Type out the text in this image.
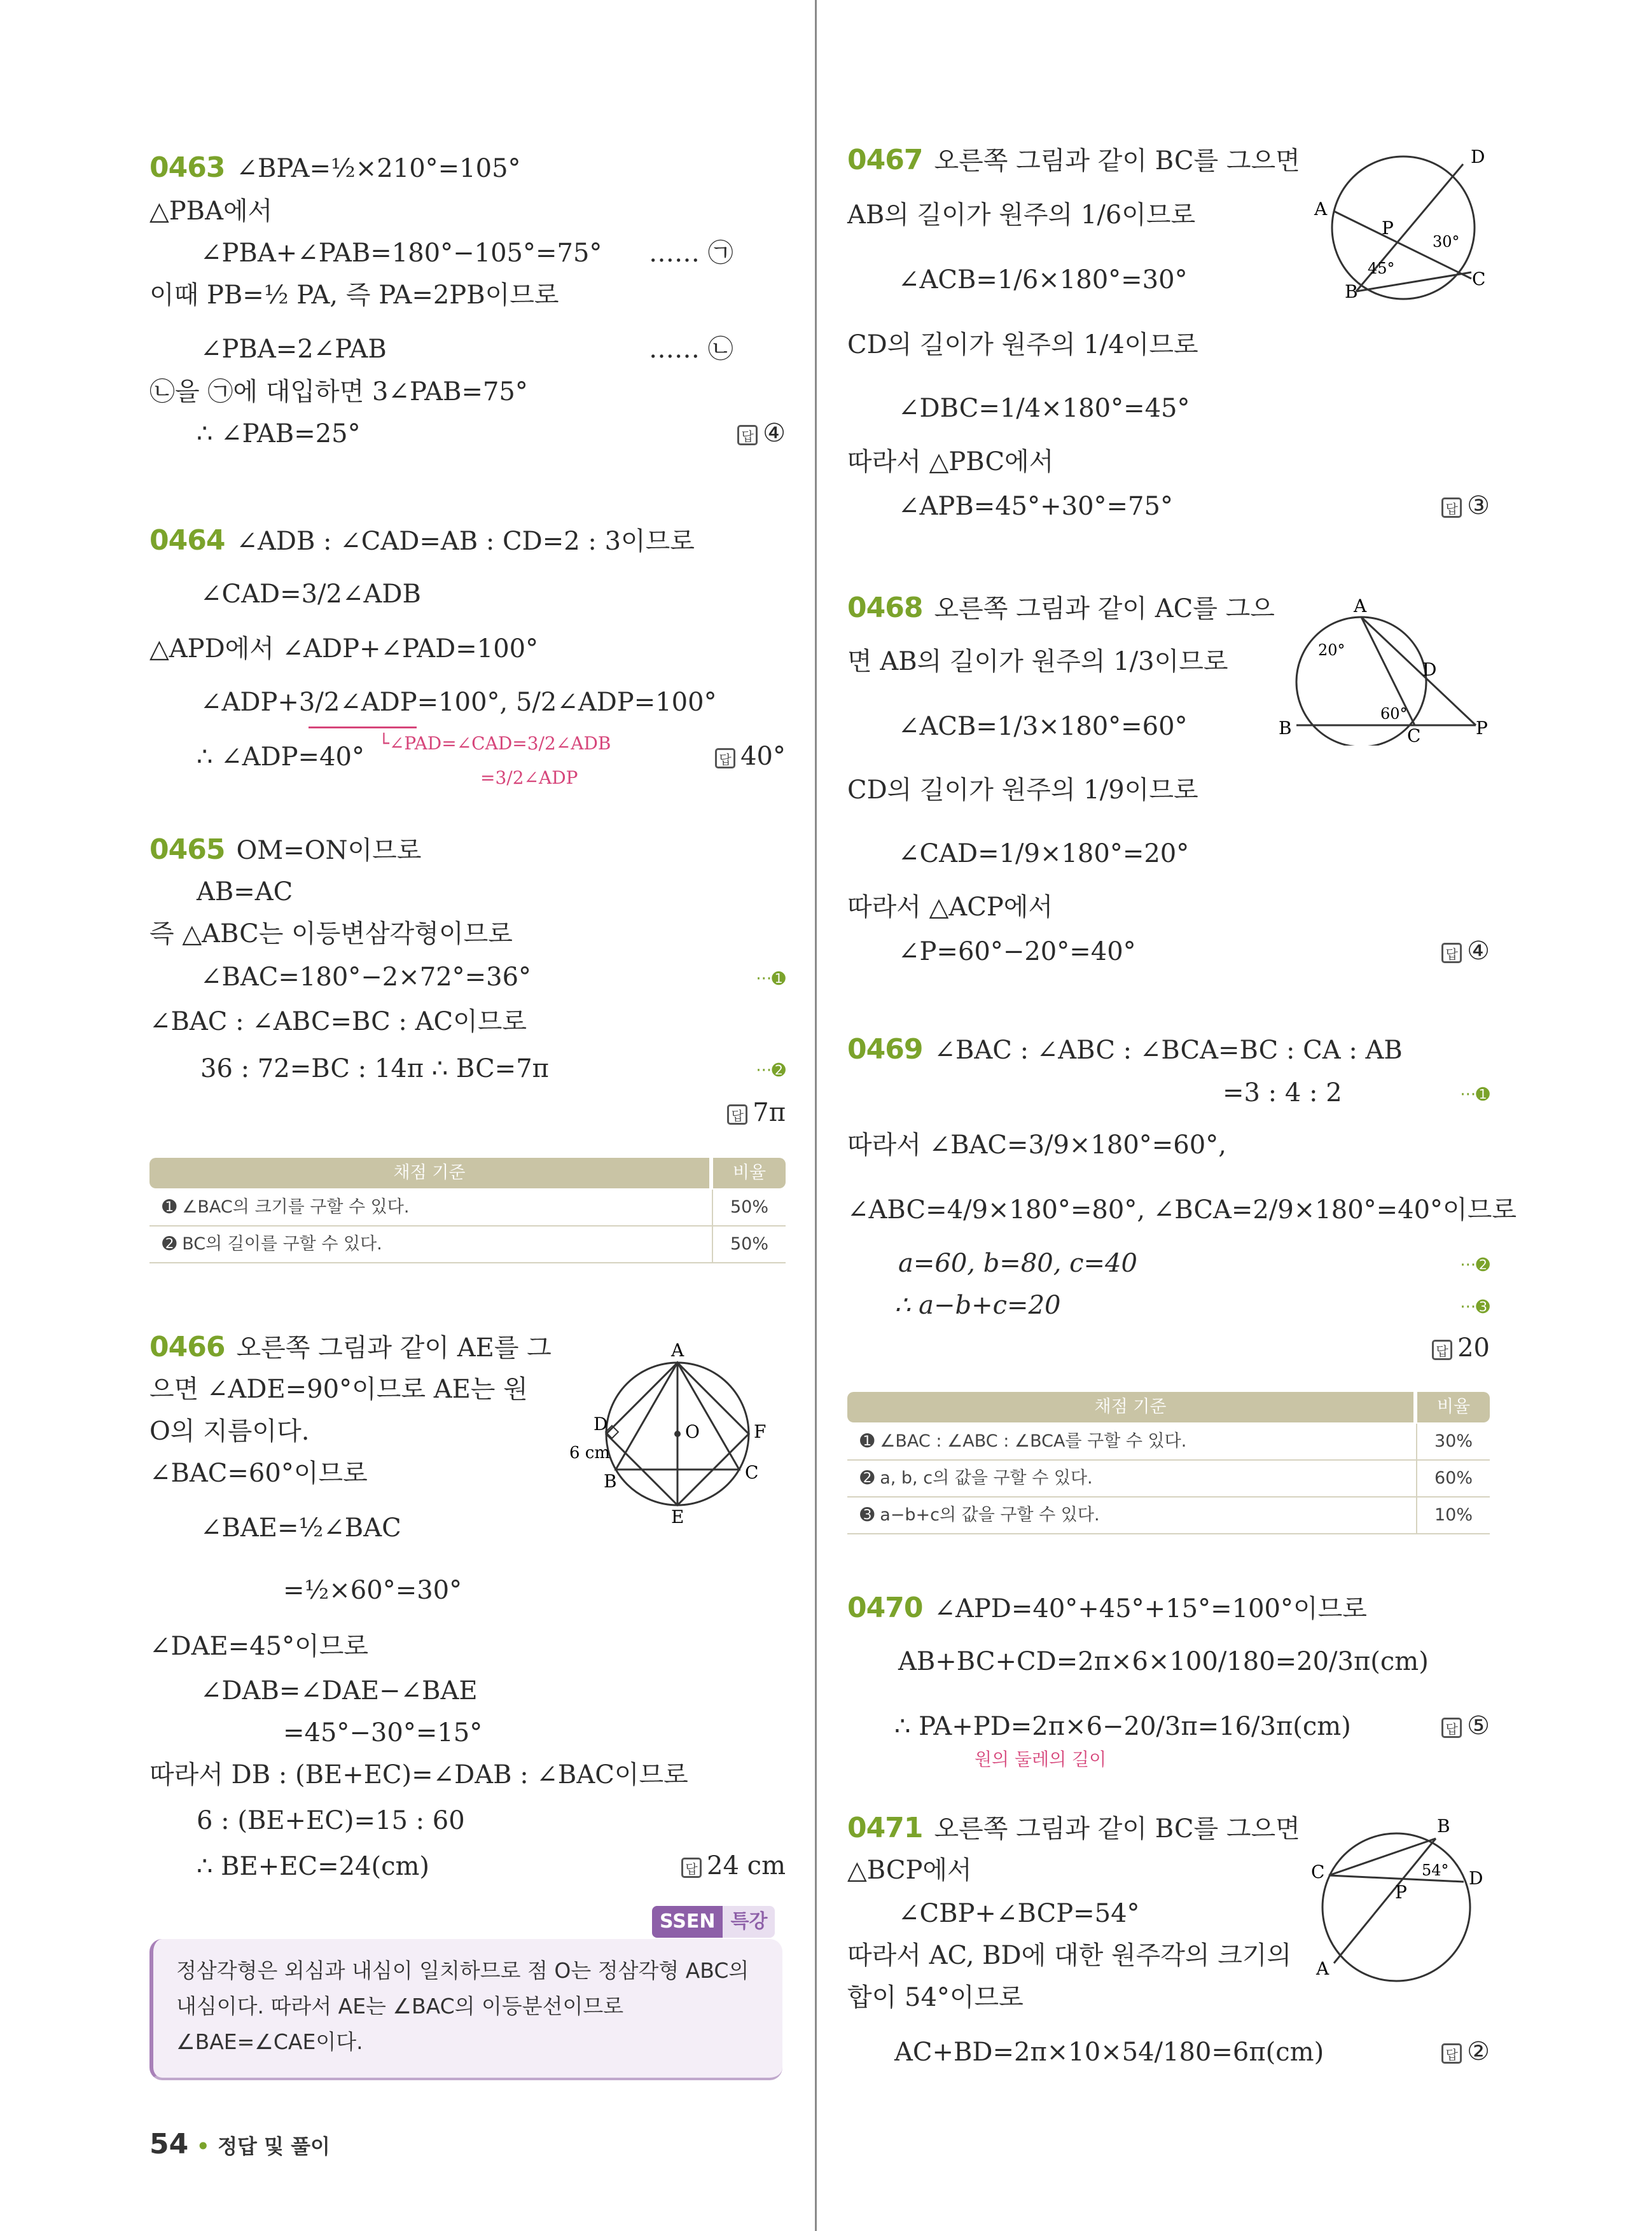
0463 ∠BPA=½×210°=105°
△PBA에서
∠PBA+∠PAB=180°−105°=75° …… ㉠
이때 PB=½ PA, 즉 PA=2PB이므로
∠PBA=2∠PAB	…… ㉡
㉡을 ㉠에 대입하면 3∠PAB=75°
∴ ∠PAB=25°	답 ④
0464 ∠ADB : ∠CAD=AB : CD=2 : 3이므로
∠CAD=3/2∠ADB
△APD에서 ∠ADP+∠PAD=100°
∠ADP+3/2∠ADP=100°, 5/2∠ADP=100°
∴ ∠ADP=40° └∠PAD=∠CAD=3/2∠ADB
=3/2∠ADP
답 40°
0465 OM=ON이므로
AB=AC
즉 △ABC는 이등변삼각형이므로
∠BAC=180°−2×72°=36°	···➊
∠BAC : ∠ABC=BC : AC이므로
36 : 72=BC : 14π ∴ BC=7π	···➋
답 7π
채점 기준	비율
➊ ∠BAC의 크기를 구할 수 있다.	50%
➋ BC의 길이를 구할 수 있다.	50%
0466 오른쪽 그림과 같이 AE를 그
으면 ∠ADE=90°이므로 AE는 원
O의 지름이다.
∠BAC=60°이므로
∠BAE=½∠BAC
=½×60°=30°
∠DAE=45°이므로
∠DAB=∠DAE−∠BAE
=45°−30°=15°
따라서 DB : (BE+EC)=∠DAB : ∠BAC이므로
6 : (BE+EC)=15 : 60
∴ BE+EC=24(cm)	답 24 cm
A
D	O	F
6 cm
B	C
E
SSEN 특강
정삼각형은 외심과 내심이 일치하므로 점 O는 정삼각형 ABC의
내심이다. 따라서 AE는 ∠BAC의 이등분선이므로
∠BAE=∠CAE이다.
0467 오른쪽 그림과 같이 BC를 그으면
AB의 길이가 원주의 1/6이므로
∠ACB=1/6×180°=30°
CD의 길이가 원주의 1/4이므로
∠DBC=1/4×180°=45°
따라서 △PBC에서
∠APB=45°+30°=75°	답 ③
D
A
P
30°
45°	C
B
0468 오른쪽 그림과 같이 AC를 그으
면 AB의 길이가 원주의 1/3이므로
∠ACB=1/3×180°=60°
CD의 길이가 원주의 1/9이므로
∠CAD=1/9×180°=20°
따라서 △ACP에서
∠P=60°−20°=40°	답 ④
A
20°
D
60°
B	C	P
0469 ∠BAC : ∠ABC : ∠BCA=BC : CA : AB
=3 : 4 : 2	···➊
따라서 ∠BAC=3/9×180°=60°,
∠ABC=4/9×180°=80°, ∠BCA=2/9×180°=40°이므로
a=60, b=80, c=40	···➋
∴ a−b+c=20	···➌
답 20
채점 기준	비율
➊ ∠BAC : ∠ABC : ∠BCA를 구할 수 있다.	30%
➋ a, b, c의 값을 구할 수 있다.	60%
➌ a−b+c의 값을 구할 수 있다.	10%
0470 ∠APD=40°+45°+15°=100°이므로
AB+BC+CD=2π×6×100/180=20/3π(cm)
∴ PA+PD=2π×6−20/3π=16/3π(cm)
원의 둘레의 길이
답 ⑤
0471 오른쪽 그림과 같이 BC를 그으면
△BCP에서
∠CBP+∠BCP=54°
따라서 AC, BD에 대한 원주각의 크기의
합이 54°이므로
AC+BD=2π×10×54/180=6π(cm)	답 ②
B
C	54° D
P
A
54 • 정답 및 풀이
